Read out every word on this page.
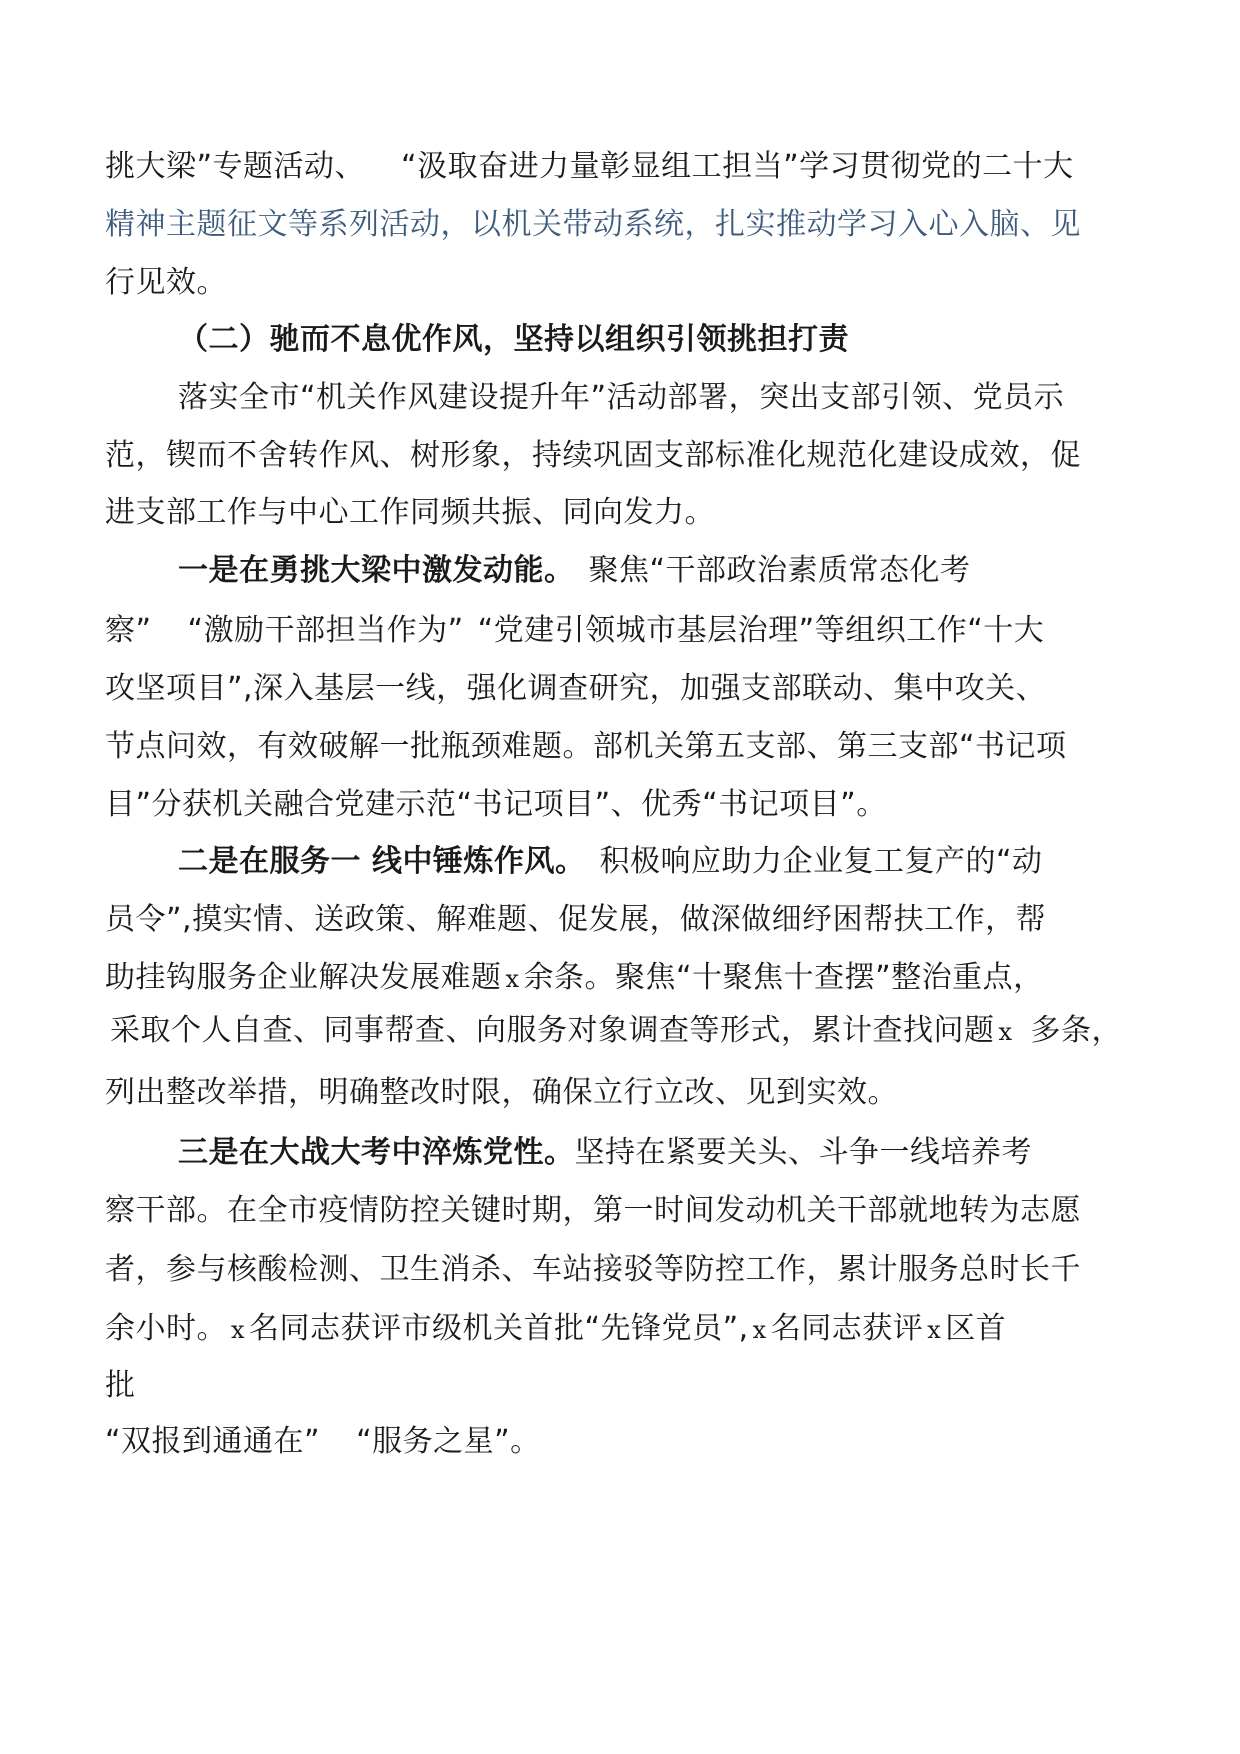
挑大梁”专题活动、 “汲取奋进力量彰显组工担当”学习贯彻党的二十大
精神主题征文等系列活动，以机关带动系统，扎实推动学习入心入脑、见
行见效。
（二）驰而不息优作风，坚持以组织引领挑担打责
落实全市“机关作风建设提升年”活动部署，突出支部引领、党员示
范，锲而不舍转作风、树形象，持续巩固支部标准化规范化建设成效，促
进支部工作与中心工作同频共振、同向发力。
一是在勇挑大梁中激发动能。 聚焦“干部政治素质常态化考
察” “激励干部担当作为” “党建引领城市基层治理”等组织工作“十大
攻坚项目”,深入基层一线，强化调查研究，加强支部联动、集中攻关、
节点问效，有效破解一批瓶颈难题。部机关第五支部、第三支部“书记项
目”分获机关融合党建示范“书记项目”、优秀“书记项目”。
二是在服务一 线中锤炼作风。 积极响应助力企业复工复产的“动
员令”,摸实情、送政策、解难题、促发展，做深做细纾困帮扶工作，帮
助挂钩服务企业解决发展难题 x 余条。聚焦“十聚焦十查摆”整治重点，
采取个人自查、同事帮查、向服务对象调查等形式，累计查找问题 x 多条，
列出整改举措，明确整改时限，确保立行立改、见到实效。
三是在大战大考中淬炼党性。坚持在紧要关头、斗争一线培养考
察干部。在全市疫情防控关键时期，第一时间发动机关干部就地转为志愿
者，参与核酸检测、卫生消杀、车站接驳等防控工作，累计服务总时长千
余小时。 x 名同志获评市级机关首批“先锋党员”, x 名同志获评 x 区首
批
“双报到通通在” “服务之星”。
